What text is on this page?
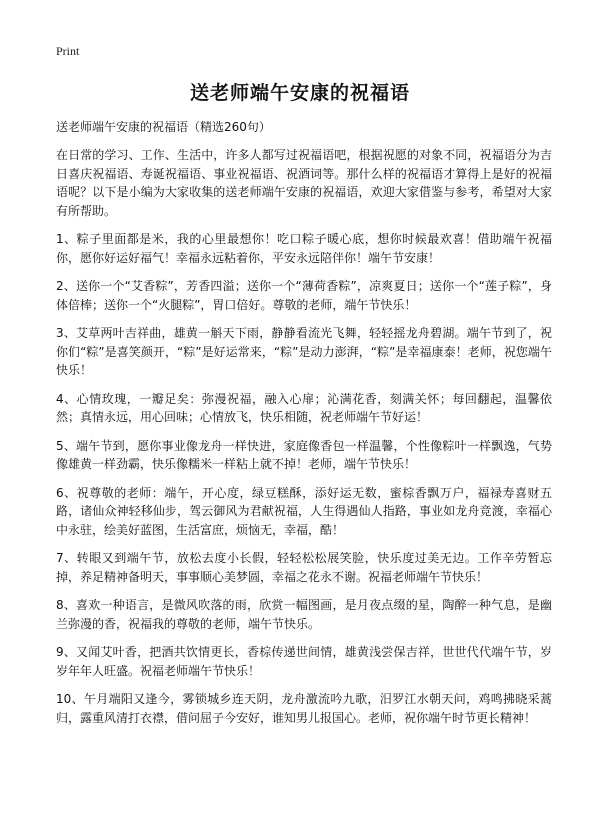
Print
送老师端午安康的祝福语

送老师端午安康的祝福语（精选260句）

在日常的学习、工作、生活中，许多人都写过祝福语吧，根据祝愿的对象不同，祝福语分为吉日喜庆祝福语、寿诞祝福语、事业祝福语、祝酒词等。那什么样的祝福语才算得上是好的祝福语呢？以下是小编为大家收集的送老师端午安康的祝福语，欢迎大家借鉴与参考，希望对大家有所帮助。

1、粽子里面都是米，我的心里最想你！吃口粽子暖心底，想你时候最欢喜！借助端午祝福你，愿你好运好福气！幸福永远粘着你，平安永远陪伴你！端午节安康！

2、送你一个“艾香粽”，芳香四溢；送你一个“薄荷香粽”，凉爽夏日；送你一个“莲子粽”，身体倍棒；送你一个“火腿粽”，胃口倍好。尊敬的老师，端午节快乐！

3、艾草两叶吉祥曲，雄黄一斛天下雨，静静看流光飞舞，轻轻摇龙舟碧湖。端午节到了，祝你们“粽”是喜笑颜开，“粽”是好运常来，“粽”是动力澎湃，“粽”是幸福康泰！老师，祝您端午快乐！

4、心情玫瑰，一瓣足矣：弥漫祝福，融入心扉；沁满花香，刻满关怀；每回翻起，温馨依然；真情永远，用心回味；心情放飞，快乐相随，祝老师端午节好运！

5、端午节到，愿你事业像龙舟一样快进，家庭像香包一样温馨，个性像粽叶一样飘逸，气势像雄黄一样劲霸，快乐像糯米一样粘上就不掉！老师，端午节快乐！

6、祝尊敬的老师：端午，开心度，绿豆糕酥，添好运无数，蜜棕香飘万户，福禄寿喜财五路，诸仙众神轻移仙步，驾云御风为君献祝福，人生得遇仙人指路，事业如龙舟竞渡，幸福心中永驻，绘美好蓝图，生活富庶，烦恼无，幸福，酷！

7、转眼又到端午节，放松去度小长假，轻轻松松展笑脸，快乐度过美无边。工作辛劳暂忘掉，养足精神备明天，事事顺心美梦圆，幸福之花永不谢。祝福老师端午节快乐！

8、喜欢一种语言，是微风吹落的雨，欣赏一幅图画，是月夜点缀的星，陶醉一种气息，是幽兰弥漫的香，祝福我的尊敬的老师，端午节快乐。

9、又闻艾叶香，把酒共饮情更长，香棕传递世间情，雄黄浅尝保吉祥，世世代代端午节，岁岁年年人旺盛。祝福老师端午节快乐！

10、午月端阳又逢今，雾锁城乡连天阴，龙舟激流吟九歌，汨罗江水朝天问，鸡鸣拂晓采蒿归，露重风清打衣襟，借问屈子今安好，谁知男儿报国心。老师，祝你端午时节更长精神！
